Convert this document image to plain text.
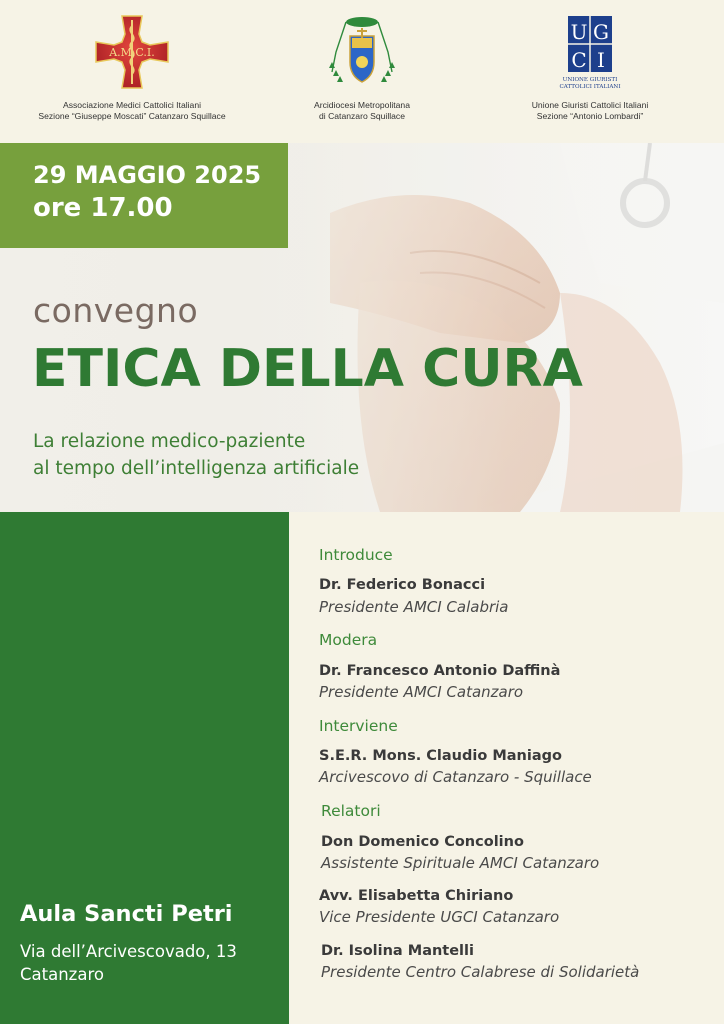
A.M.C.I.
Associazione Medici Cattolici Italiani
Sezione “Giuseppe Moscati” Catanzaro Squillace
Arcidiocesi Metropolitana
di Catanzaro Squillace
U G
C I
UNIONE GIURISTI
CATTOLICI ITALIANI
Unione Giuristi Cattolici Italiani
Sezione “Antonio Lombardi”
29 MAGGIO 2025
ore 17.00
convegno
ETICA DELLA CURA
La relazione medico-paziente
al tempo dell’intelligenza artificiale
Aula Sancti Petri
Via dell’Arcivescovado, 13
Catanzaro
Introduce
Dr. Federico Bonacci
Presidente AMCI Calabria
Modera
Dr. Francesco Antonio Daffinà
Presidente AMCI Catanzaro
Interviene
S.E.R. Mons. Claudio Maniago
Arcivescovo di Catanzaro - Squillace
Relatori
Don Domenico Concolino
Assistente Spirituale AMCI Catanzaro
Avv. Elisabetta Chiriano
Vice Presidente UGCI Catanzaro
Dr. Isolina Mantelli
Presidente Centro Calabrese di Solidarietà
